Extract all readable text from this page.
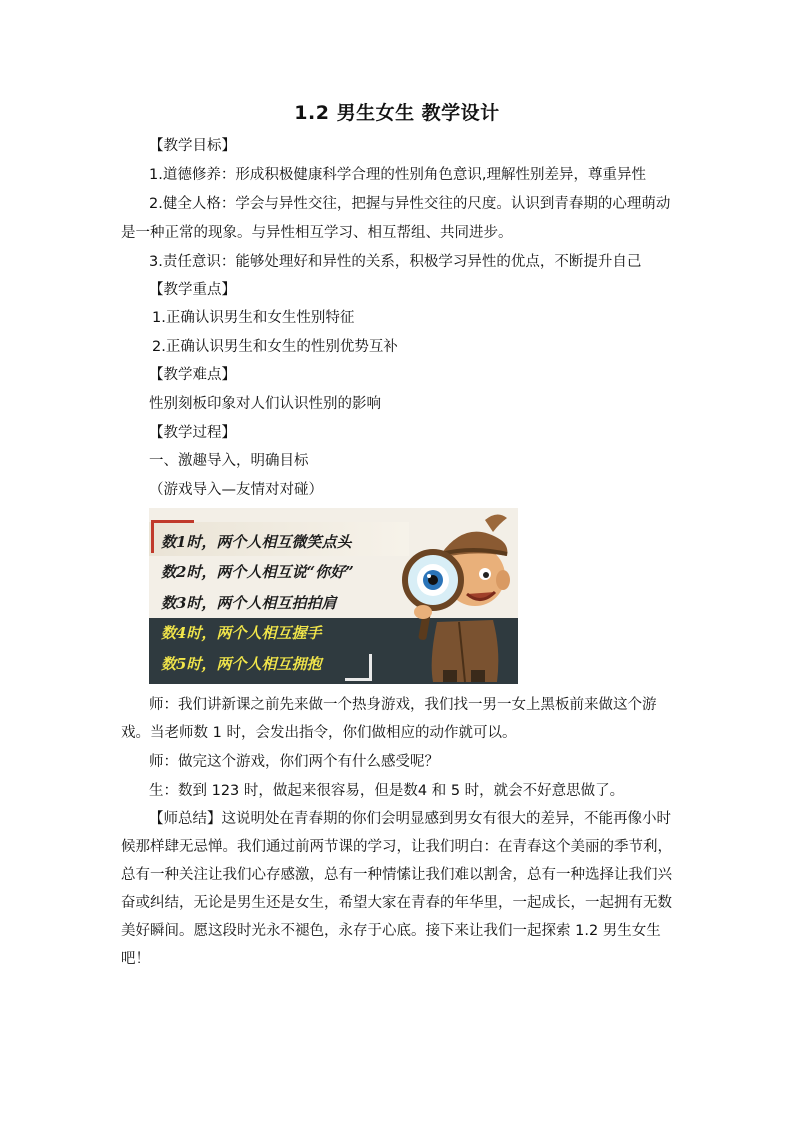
1.2 男生女生 教学设计
【教学目标】
1.道德修养：形成积极健康科学合理的性别角色意识,理解性别差异，尊重异性
2.健全人格：学会与异性交往，把握与异性交往的尺度。认识到青春期的心理萌动
是一种正常的现象。与异性相互学习、相互帮组、共同进步。
3.责任意识：能够处理好和异性的关系，积极学习异性的优点，不断提升自己
【教学重点】
1.正确认识男生和女生性别特征
2.正确认识男生和女生的性别优势互补
【教学难点】
性别刻板印象对人们认识性别的影响
【教学过程】
一、激趣导入，明确目标
（游戏导入—友情对对碰）
数1时，两个人相互微笑点头
数2时，两个人相互说“你好”
数3时，两个人相互拍拍肩
数4时，两个人相互握手
数5时，两个人相互拥抱
师：我们讲新课之前先来做一个热身游戏，我们找一男一女上黑板前来做这个游
戏。当老师数 1 时，会发出指令，你们做相应的动作就可以。
师：做完这个游戏，你们两个有什么感受呢？
生：数到 123 时，做起来很容易，但是数4 和 5 时，就会不好意思做了。
【师总结】这说明处在青春期的你们会明显感到男女有很大的差异，不能再像小时候那样肆无忌惮。我们通过前两节课的学习，让我们明白：在青春这个美丽的季节利，总有一种关注让我们心存感激，总有一种情愫让我们难以割舍，总有一种选择让我们兴奋或纠结，无论是男生还是女生，希望大家在青春的年华里，一起成长，一起拥有无数美好瞬间。愿这段时光永不褪色，永存于心底。接下来让我们一起探索 1.2 男生女生吧！
